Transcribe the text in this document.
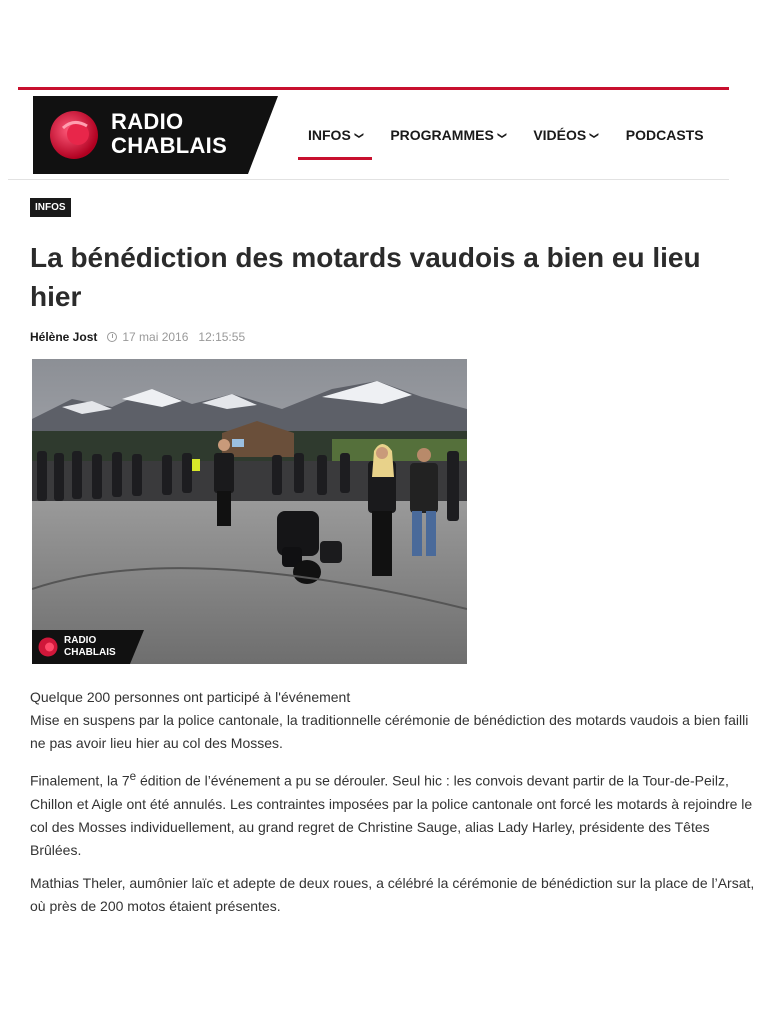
RADIO
CHABLAIS	INFOS ❯ PROGRAMMES ❯ VIDÉOS ❯ PODCASTS
INFOS
La bénédiction des motards vaudois a bien eu lieu hier
Hélène Jost 17 mai 2016 12:15:55
RADIO
CHABLAIS
Quelque 200 personnes ont participé à l'événement

Mise en suspens par la police cantonale, la traditionnelle cérémonie de bénédiction des motards vaudois a bien failli ne pas avoir lieu hier au col des Mosses.

Finalement, la 7e édition de l’événement a pu se dérouler. Seul hic : les convois devant partir de la Tour-de-Peilz, Chillon et Aigle ont été annulés. Les contraintes imposées par la police cantonale ont forcé les motards à rejoindre le col des Mosses individuellement, au grand regret de Christine Sauge, alias Lady Harley, présidente des Têtes Brûlées.

Mathias Theler, aumônier laïc et adepte de deux roues, a célébré la cérémonie de bénédiction sur la place de l’Arsat, où près de 200 motos étaient présentes.
